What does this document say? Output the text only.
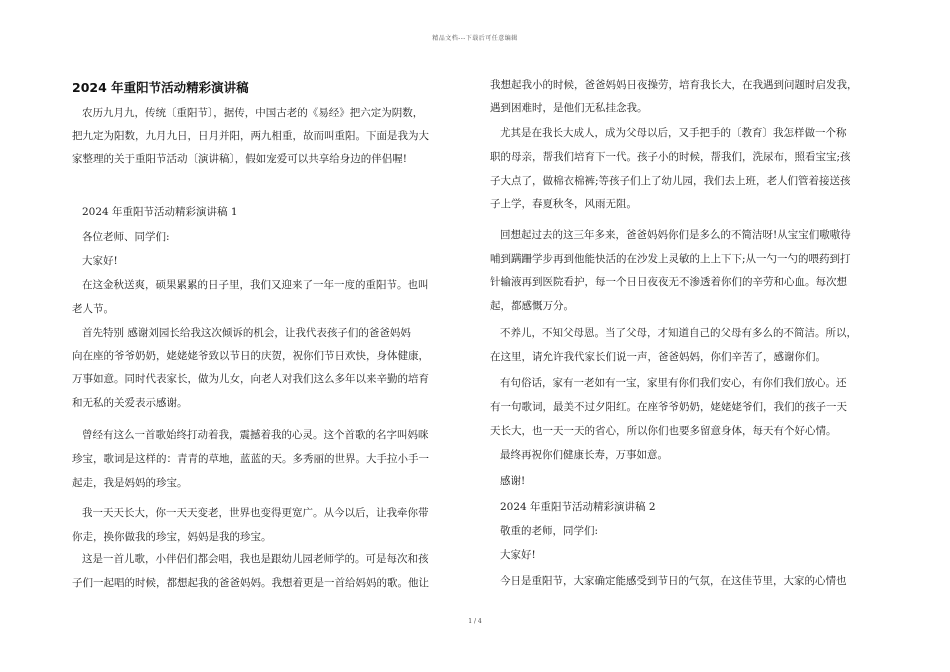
精品文档---下载后可任意编辑
2024 年重阳节活动精彩演讲稿
农历九月九，传统〔重阳节〕，据传，中国古老的《易经》把六定为阴数，
把九定为阳数，九月九日，日月并阳，两九相重，故而叫重阳。下面是我为大
家整理的关于重阳节活动〔演讲稿〕，假如宠爱可以共享给身边的伴侣喔!
2024 年重阳节活动精彩演讲稿 1
各位老师、同学们:
大家好!
在这金秋送爽，硕果累累的日子里，我们又迎来了一年一度的重阳节。也叫
老人节。
首先特别 感谢刘园长给我这次倾诉的机会，让我代表孩子们的爸爸妈妈
向在座的爷爷奶奶，姥姥姥爷致以节日的庆贺，祝你们节日欢快，身体健康，
万事如意。同时代表家长，做为儿女，向老人对我们这么多年以来辛勤的培育
和无私的关爱表示感谢。
曾经有这么一首歌始终打动着我，震撼着我的心灵。这个首歌的名字叫妈咪
珍宝，歌词是这样的：青青的草地，蓝蓝的天。多秀丽的世界。大手拉小手一
起走，我是妈妈的珍宝。
我一天天长大，你一天天变老，世界也变得更宽广。从今以后，让我牵你带
你走，换你做我的珍宝，妈妈是我的珍宝。
这是一首儿歌，小伴侣们都会唱，我也是跟幼儿园老师学的。可是每次和孩
子们一起唱的时候，都想起我的爸爸妈妈。我想着更是一首给妈妈的歌。他让
我想起我小的时候，爸爸妈妈日夜操劳，培育我长大，在我遇到问题时启发我，
遇到困难时，是他们无私挂念我。
尤其是在我长大成人，成为父母以后，又手把手的〔教育〕我怎样做一个称
职的母亲，帮我们培育下一代。孩子小的时候，帮我们，洗尿布，照看宝宝;孩
子大点了，做棉衣棉裤;等孩子们上了幼儿园，我们去上班，老人们管着接送孩
子上学，春夏秋冬，风雨无阻。
回想起过去的这三年多来，爸爸妈妈你们是多么的不简洁呀!从宝宝们嗷嗷待
哺到蹒跚学步再到他能快活的在沙发上灵敏的上上下下;从一勺一勺的喂药到打
针输液再到医院看护，每一个日日夜夜无不渗透着你们的辛劳和心血。每次想
起，都感慨万分。
不养儿，不知父母恩。当了父母，才知道自己的父母有多么的不简洁。所以，
在这里，请允许我代家长们说一声，爸爸妈妈，你们辛苦了，感谢你们。
有句俗话，家有一老如有一宝，家里有你们我们安心，有你们我们放心。还
有一句歌词，最美不过夕阳红。在座爷爷奶奶，姥姥姥爷们，我们的孩子一天
天长大，也一天一天的省心，所以你们也要多留意身体，每天有个好心情。
最终再祝你们健康长寿，万事如意。
感谢!
2024 年重阳节活动精彩演讲稿 2
敬重的老师，同学们:
大家好!
今日是重阳节，大家确定能感受到节日的气氛，在这佳节里，大家的心情也
1 / 4
